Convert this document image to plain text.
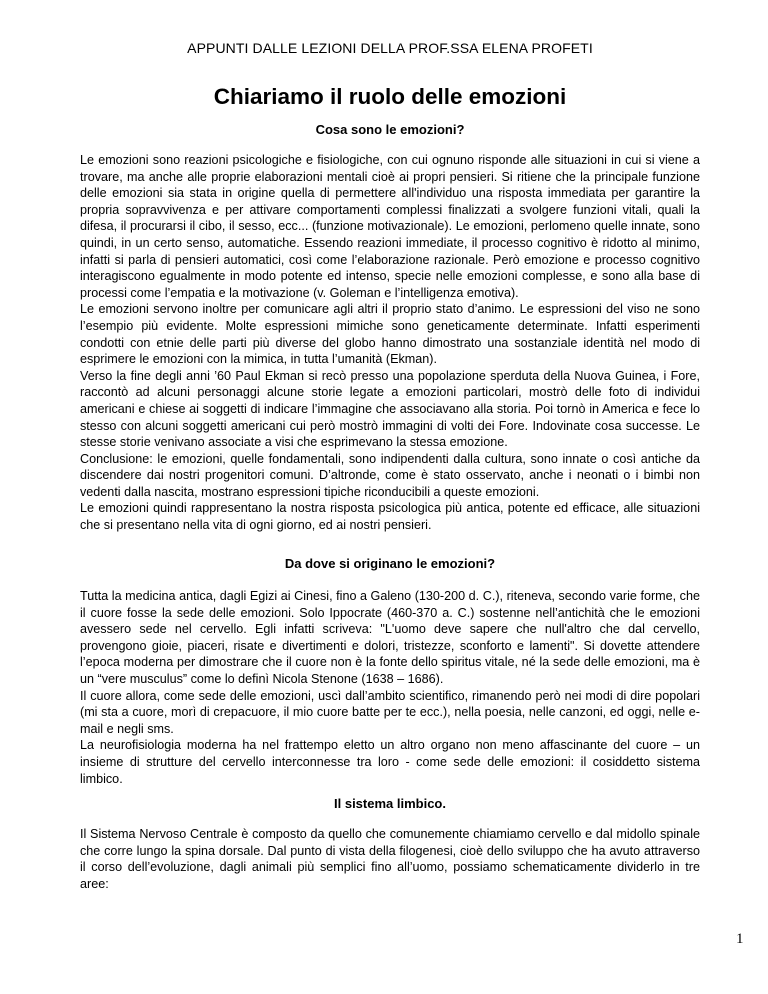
APPUNTI DALLE LEZIONI DELLA PROF.SSA ELENA PROFETI
Chiariamo il ruolo delle emozioni
Cosa sono le emozioni?

Le emozioni sono reazioni psicologiche e fisiologiche, con cui ognuno risponde alle situazioni in cui si viene a trovare, ma anche alle proprie elaborazioni mentali cioè ai propri pensieri. Si ritiene che la principale funzione delle emozioni sia stata in origine quella di permettere all'individuo una risposta immediata per garantire la propria sopravvivenza e per attivare comportamenti complessi finalizzati a svolgere funzioni vitali, quali la difesa, il procurarsi il cibo, il sesso, ecc... (funzione motivazionale). Le emozioni, perlomeno quelle innate, sono quindi, in un certo senso, automatiche. Essendo reazioni immediate, il processo cognitivo è ridotto al minimo, infatti si parla di pensieri automatici, così come l’elaborazione razionale. Però emozione e processo cognitivo interagiscono egualmente in modo potente ed intenso, specie nelle emozioni complesse, e sono alla base di processi come l’empatia e la motivazione (v. Goleman e l’intelligenza emotiva).

Le emozioni servono inoltre per comunicare agli altri il proprio stato d’animo. Le espressioni del viso ne sono l’esempio più evidente. Molte espressioni mimiche sono geneticamente determinate. Infatti esperimenti condotti con etnie delle parti più diverse del globo hanno dimostrato una sostanziale identità nel modo di esprimere le emozioni con la mimica, in tutta l’umanità (Ekman).

Verso la fine degli anni ’60 Paul Ekman si recò presso una popolazione sperduta della Nuova Guinea, i Fore, raccontò ad alcuni personaggi alcune storie legate a emozioni particolari, mostrò delle foto di individui americani e chiese ai soggetti di indicare l’immagine che associavano alla storia. Poi tornò in America e fece lo stesso con alcuni soggetti americani cui però mostrò immagini di volti dei Fore. Indovinate cosa successe. Le stesse storie venivano associate a visi che esprimevano la stessa emozione.

Conclusione: le emozioni, quelle fondamentali, sono indipendenti dalla cultura, sono innate o così antiche da discendere dai nostri progenitori comuni. D’altronde, come è stato osservato, anche i neonati o i bimbi non vedenti dalla nascita, mostrano espressioni tipiche riconducibili a queste emozioni.

Le emozioni quindi rappresentano la nostra risposta psicologica più antica, potente ed efficace, alle situazioni che si presentano nella vita di ogni giorno, ed ai nostri pensieri.

Da dove si originano le emozioni?

Tutta la medicina antica, dagli Egizi ai Cinesi, fino a Galeno (130-200 d. C.), riteneva, secondo varie forme, che il cuore fosse la sede delle emozioni. Solo Ippocrate (460-370 a. C.) sostenne nell’antichità che le emozioni avessero sede nel cervello. Egli infatti scriveva: "L'uomo deve sapere che null'altro che dal cervello, provengono gioie, piaceri, risate e divertimenti e dolori, tristezze, sconforto e lamenti". Si dovette attendere l’epoca moderna per dimostrare che il cuore non è la fonte dello spiritus vitale, né la sede delle emozioni, ma è un “vere musculus” come lo definì Nicola Stenone (1638 – 1686).

Il cuore allora, come sede delle emozioni, uscì dall’ambito scientifico, rimanendo però nei modi di dire popolari (mi sta a cuore, morì di crepacuore, il mio cuore batte per te ecc.), nella poesia, nelle canzoni, ed oggi, nelle e-mail e negli sms.

La neurofisiologia moderna ha nel frattempo eletto un altro organo non meno affascinante del cuore – un insieme di strutture del cervello interconnesse tra loro - come sede delle emozioni: il cosiddetto sistema limbico.

Il sistema limbico.

Il Sistema Nervoso Centrale è composto da quello che comunemente chiamiamo cervello e dal midollo spinale che corre lungo la spina dorsale. Dal punto di vista della filogenesi, cioè dello sviluppo che ha avuto attraverso il corso dell’evoluzione, dagli animali più semplici fino all’uomo, possiamo schematicamente dividerlo in tre aree:

1
